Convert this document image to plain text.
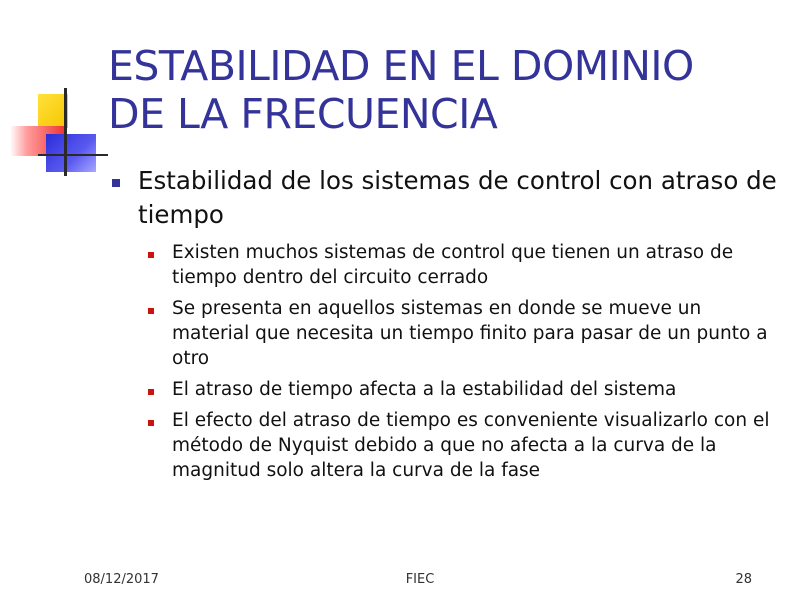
ESTABILIDAD EN EL DOMINIO
DE LA FRECUENCIA
Estabilidad de los sistemas de control con atraso de tiempo
Existen muchos sistemas de control que tienen un atraso de tiempo dentro del circuito cerrado
Se presenta en aquellos sistemas en donde se mueve un material que necesita un tiempo finito para pasar de un punto a otro
El atraso de tiempo afecta a la estabilidad del sistema
El efecto del atraso de tiempo es conveniente visualizarlo con el método de Nyquist debido a que no afecta a la curva de la magnitud solo altera la curva de la fase
08/12/2017	FIEC	28
